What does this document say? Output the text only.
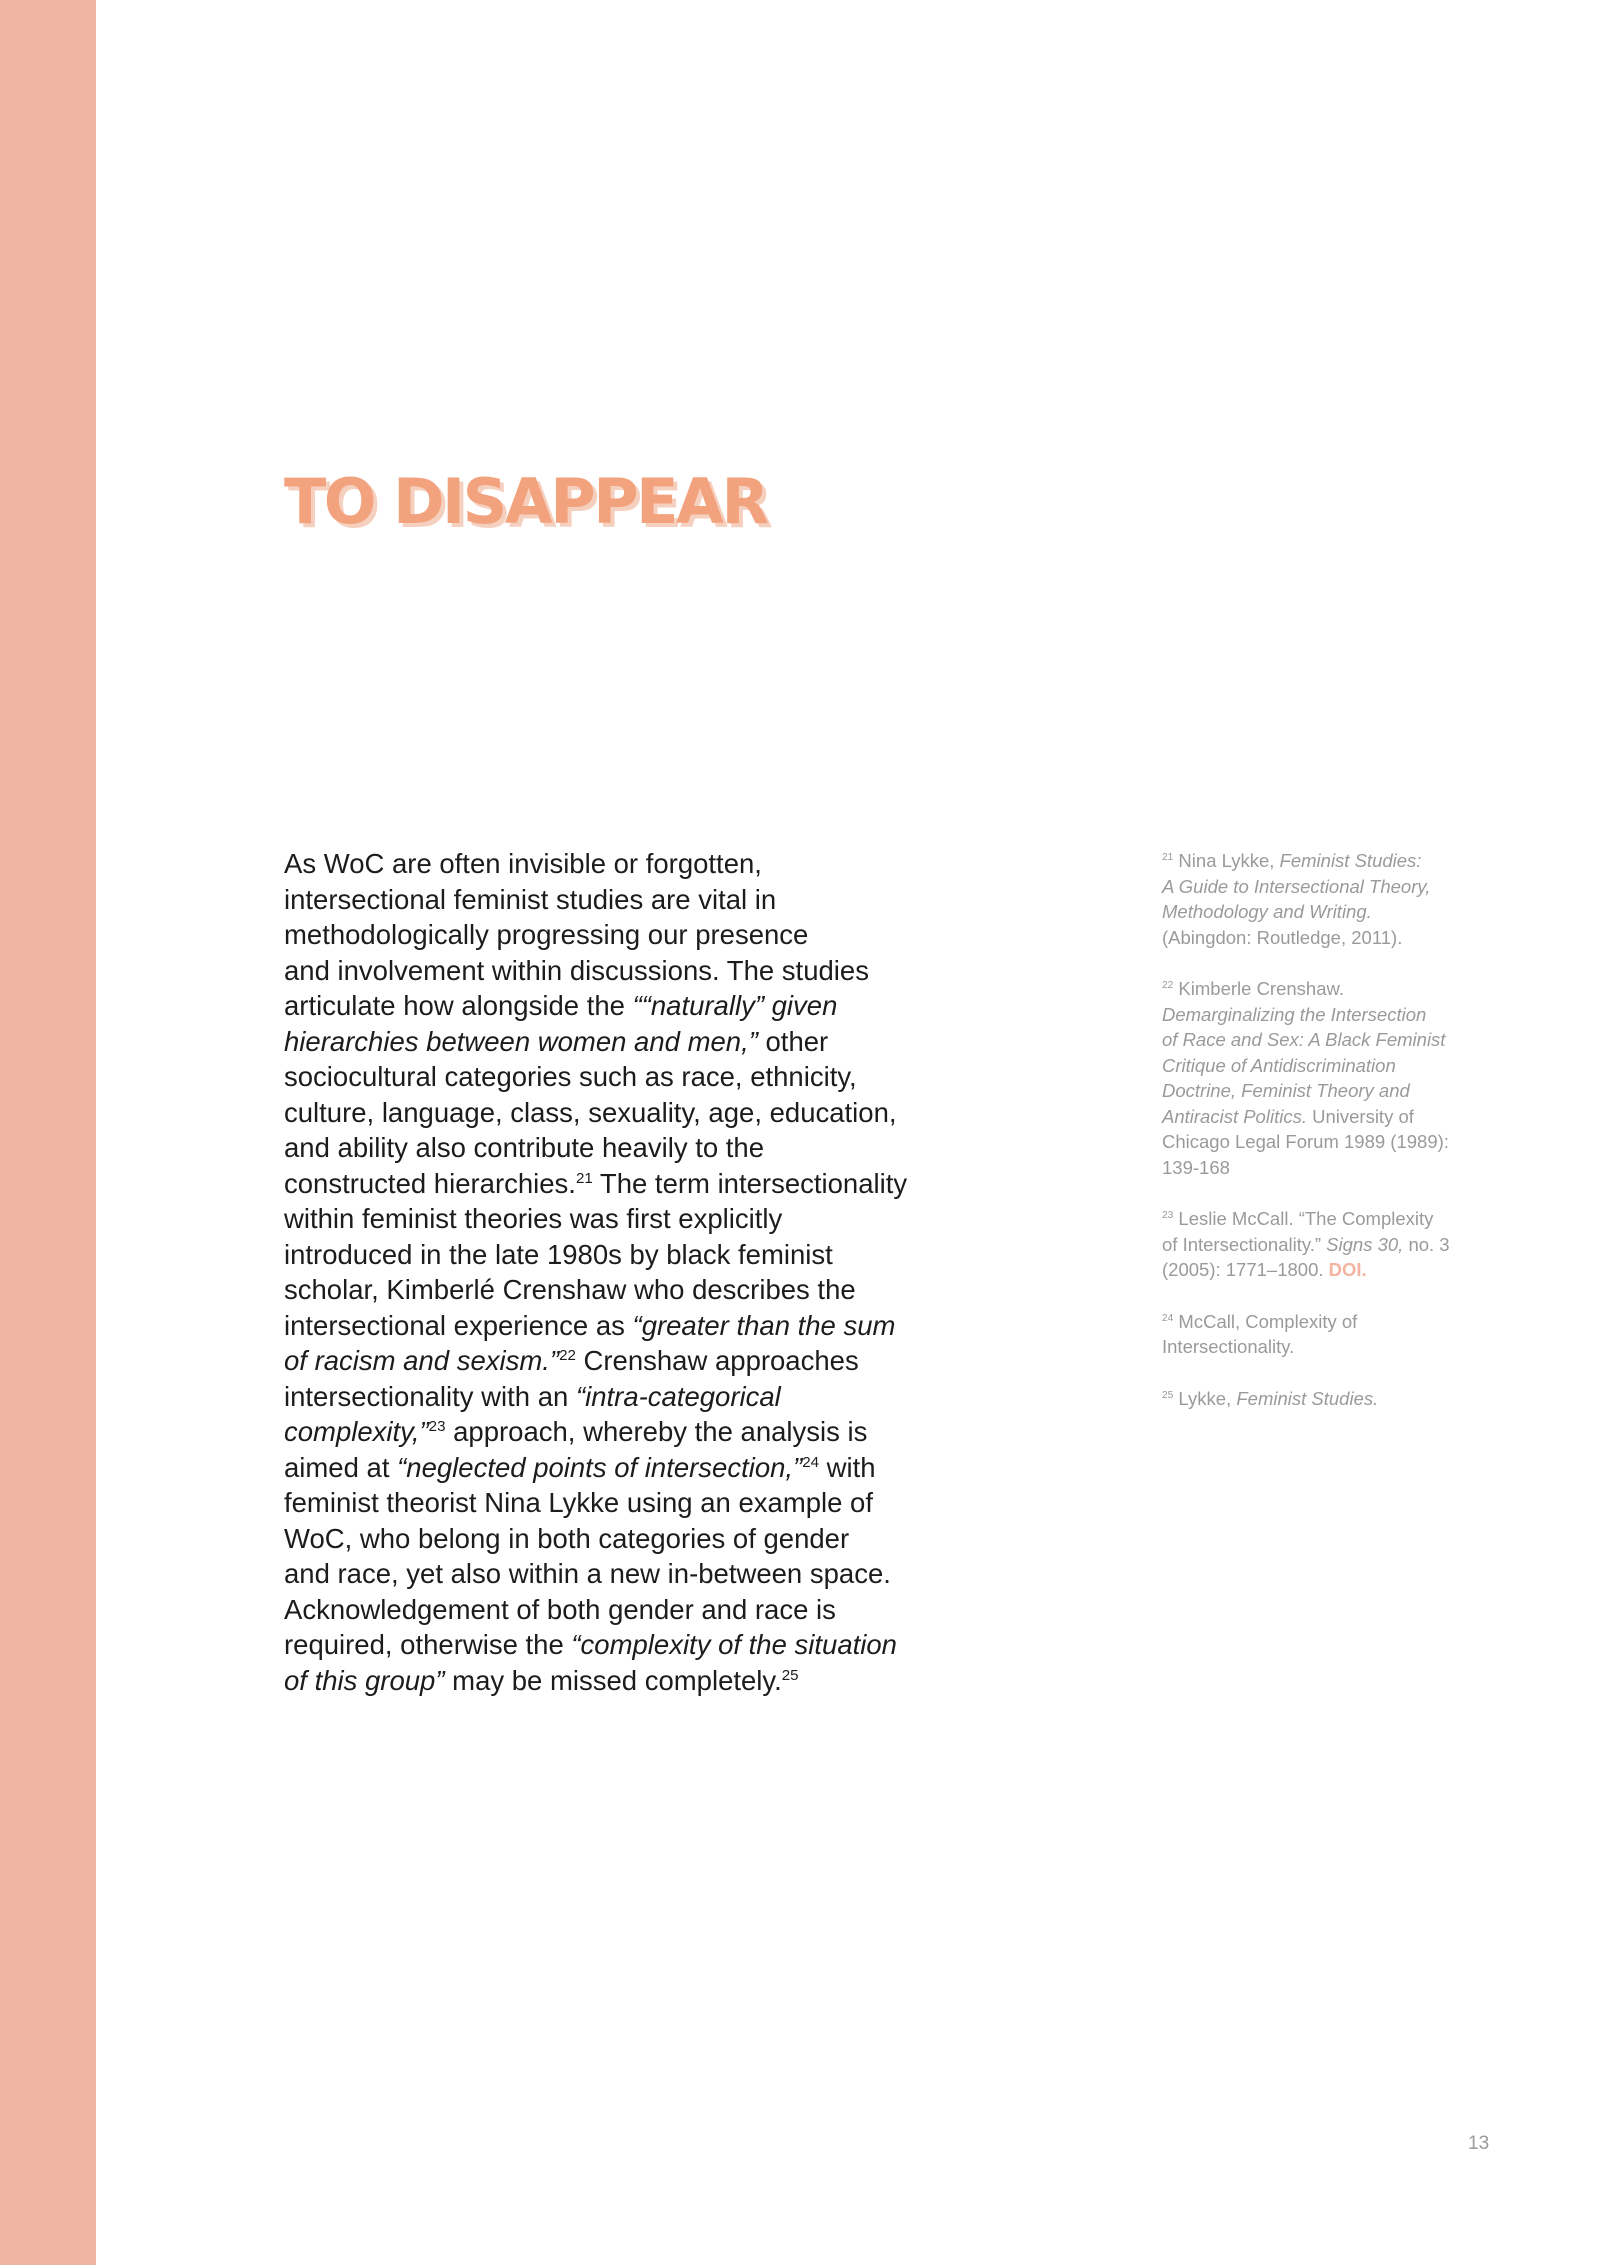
TO DISAPPEAR
As WoC are often invisible or forgotten,
intersectional feminist studies are vital in
methodologically progressing our presence
and involvement within discussions. The studies
articulate how alongside the ““naturally” given
hierarchies between women and men,” other
sociocultural categories such as race, ethnicity,
culture, language, class, sexuality, age, education,
and ability also contribute heavily to the
constructed hierarchies.$^{21}$ The term intersectionality
within feminist theories was first explicitly
introduced in the late 1980s by black feminist
scholar, Kimberlé Crenshaw who describes the
intersectional experience as “greater than the sum
of racism and sexism.”$^{22}$ Crenshaw approaches
intersectionality with an “intra-categorical
complexity,”$^{23}$ approach, whereby the analysis is
aimed at “neglected points of intersection,”$^{24}$ with
feminist theorist Nina Lykke using an example of
WoC, who belong in both categories of gender
and race, yet also within a new in-between space.
Acknowledgement of both gender and race is
required, otherwise the “complexity of the situation
of this group” may be missed completely.$^{25}$
$^{21}$ Nina Lykke, Feminist Studies:
A Guide to Intersectional Theory,
Methodology and Writing.
(Abingdon: Routledge, 2011).
$^{22}$ Kimberle Crenshaw.
Demarginalizing the Intersection
of Race and Sex: A Black Feminist
Critique of Antidiscrimination
Doctrine, Feminist Theory and
Antiracist Politics. University of
Chicago Legal Forum 1989 (1989):
139-168
$^{23}$ Leslie McCall. “The Complexity
of Intersectionality.” Signs 30, no. 3
(2005): 1771–1800. DOI.
$^{24}$ McCall, Complexity of
Intersectionality.
$^{25}$ Lykke, Feminist Studies.
13
